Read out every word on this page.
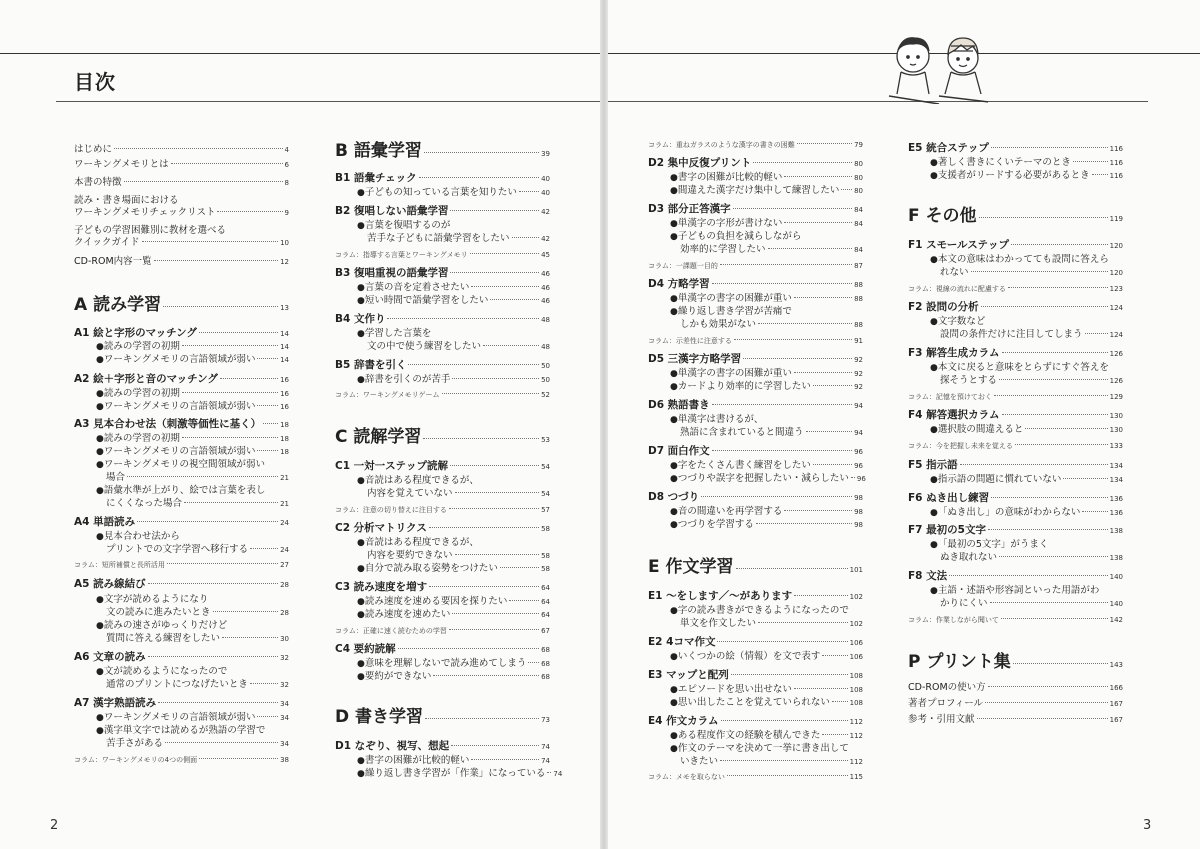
目次
はじめに	4
ワーキングメモリとは	6
本書の特徴	8
読み・書き場面における
ワーキングメモリチェックリスト	9
子どもの学習困難別に教材を選べる
クイックガイド	10
CD-ROM内容一覧	12
A 読み学習	13
A1 絵と字形のマッチング	14
● 読みの学習の初期	14
● ワーキングメモリの言語領域が弱い	14
A2 絵＋字形と音のマッチング	16
● 読みの学習の初期	16
● ワーキングメモリの言語領域が弱い	16
A3 見本合わせ法（刺激等価性に基く）	18
● 読みの学習の初期	18
● ワーキングメモリの言語領域が弱い	18
● ワーキングメモリの視空間領域が弱い
場合	21
● 語彙水準が上がり、絵では言葉を表し
にくくなった場合	21
A4 単語読み	24
● 見本合わせ法から
プリントでの文字学習へ移行する	24
コラム：短所補償と長所活用	27
A5 読み線結び	28
● 文字が読めるようになり
文の読みに進みたいとき	28
● 読みの速さがゆっくりだけど
質問に答える練習をしたい	30
A6 文章の読み	32
● 文が読めるようになったので
通常のプリントにつなげたいとき	32
A7 漢字熟語読み	34
● ワーキングメモリの言語領域が弱い	34
● 漢字単文字では読めるが熟語の学習で
苦手さがある	34
コラム：ワーキングメモリの4つの側面	38
B 語彙学習	39
B1 語彙チェック	40
● 子どもの知っている言葉を知りたい	40
B2 復唱しない語彙学習	42
● 言葉を復唱するのが
苦手な子どもに語彙学習をしたい	42
コラム：指導する言葉とワーキングメモリ	45
B3 復唱重視の語彙学習	46
● 言葉の音を定着させたい	46
● 短い時間で語彙学習をしたい	46
B4 文作り	48
● 学習した言葉を
文の中で使う練習をしたい	48
B5 辞書を引く	50
● 辞書を引くのが苦手	50
コラム：ワーキングメモリゲーム	52
C 読解学習	53
C1 一対一ステップ読解	54
● 音読はある程度できるが、
内容を覚えていない	54
コラム：注意の切り替えに注目する	57
C2 分析マトリクス	58
● 音読はある程度できるが、
内容を要約できない	58
● 自分で読み取る姿勢をつけたい	58
C3 読み速度を増す	64
● 読み速度を速める要因を探りたい	64
● 読み速度を速めたい	64
コラム：正確に速く読むための学習	67
C4 要約読解	68
● 意味を理解しないで読み進めてしまう 68
● 要約ができない	68
D 書き学習	73
D1 なぞり、視写、想起	74
● 書字の困難が比較的軽い	74
● 繰り返し書き学習が「作業」になっている 74
コラム：重ねガラスのような漢字の書きの困難	79
D2 集中反復プリント	80
● 書字の困難が比較的軽い	80
● 間違えた漢字だけ集中して練習したい 80
D3 部分正答漢字	84
● 単漢字の字形が書けない	84
● 子どもの負担を減らしながら
効率的に学習したい	84
コラム：一課題一目的	87
D4 方略学習	88
● 単漢字の書字の困難が重い	88
● 繰り返し書き学習が苦痛で
しかも効果がない	88
コラム：示差性に注意する	91
D5 三漢字方略学習	92
● 単漢字の書字の困難が重い	92
● カードより効率的に学習したい	92
D6 熟語書き	94
● 単漢字は書けるが、
熟語に含まれていると間違う	94
D7 面白作文	96
● 字をたくさん書く練習をしたい	96
● つづりや誤字を把握したい・減らしたい 96
D8 つづり	98
● 音の間違いを再学習する	98
● つづりを学習する	98
E 作文学習	101
E1 ～をします／～があります	102
● 字の読み書きができるようになったので
単文を作文したい	102
E2 4コマ作文	106
● いくつかの絵（情報）を文で表す	106
E3 マップと配列	108
● エピソードを思い出せない	108
● 思い出したことを覚えていられない	108
E4 作文カラム	112
● ある程度作文の経験を積んできた	112
● 作文のテーマを決めて一挙に書き出して
いきたい	112
コラム：メモを取らない	115
E5 統合ステップ	116
● 著しく書きにくいテーマのとき	116
● 支援者がリードする必要があるとき	116
F その他	119
F1 スモールステップ	120
● 本文の意味はわかってても設問に答えら
れない	120
コラム：視線の流れに配慮する	123
F2 設問の分析	124
● 文字数など
設問の条件だけに注目してしまう	124
F3 解答生成カラム	126
● 本文に戻ると意味をとらずにすぐ答えを
探そうとする	126
コラム：記憶を預けておく	129
F4 解答選択カラム	130
● 選択肢の間違えると	130
コラム：今を把握し未来を覚える	133
F5 指示語	134
● 指示語の問題に慣れていない	134
F6 ぬき出し練習	136
● 「ぬき出し」の意味がわからない	136
F7 最初の5文字	138
● 「最初の5文字」がうまく
ぬき取れない	138
F8 文法	140
● 主語・述語や形容詞といった用語がわ
かりにくい	140
コラム：作業しながら聞いて	142
P プリント集	143
CD-ROMの使い方	166
著者プロフィール	167
参考・引用文献	167
2	3
